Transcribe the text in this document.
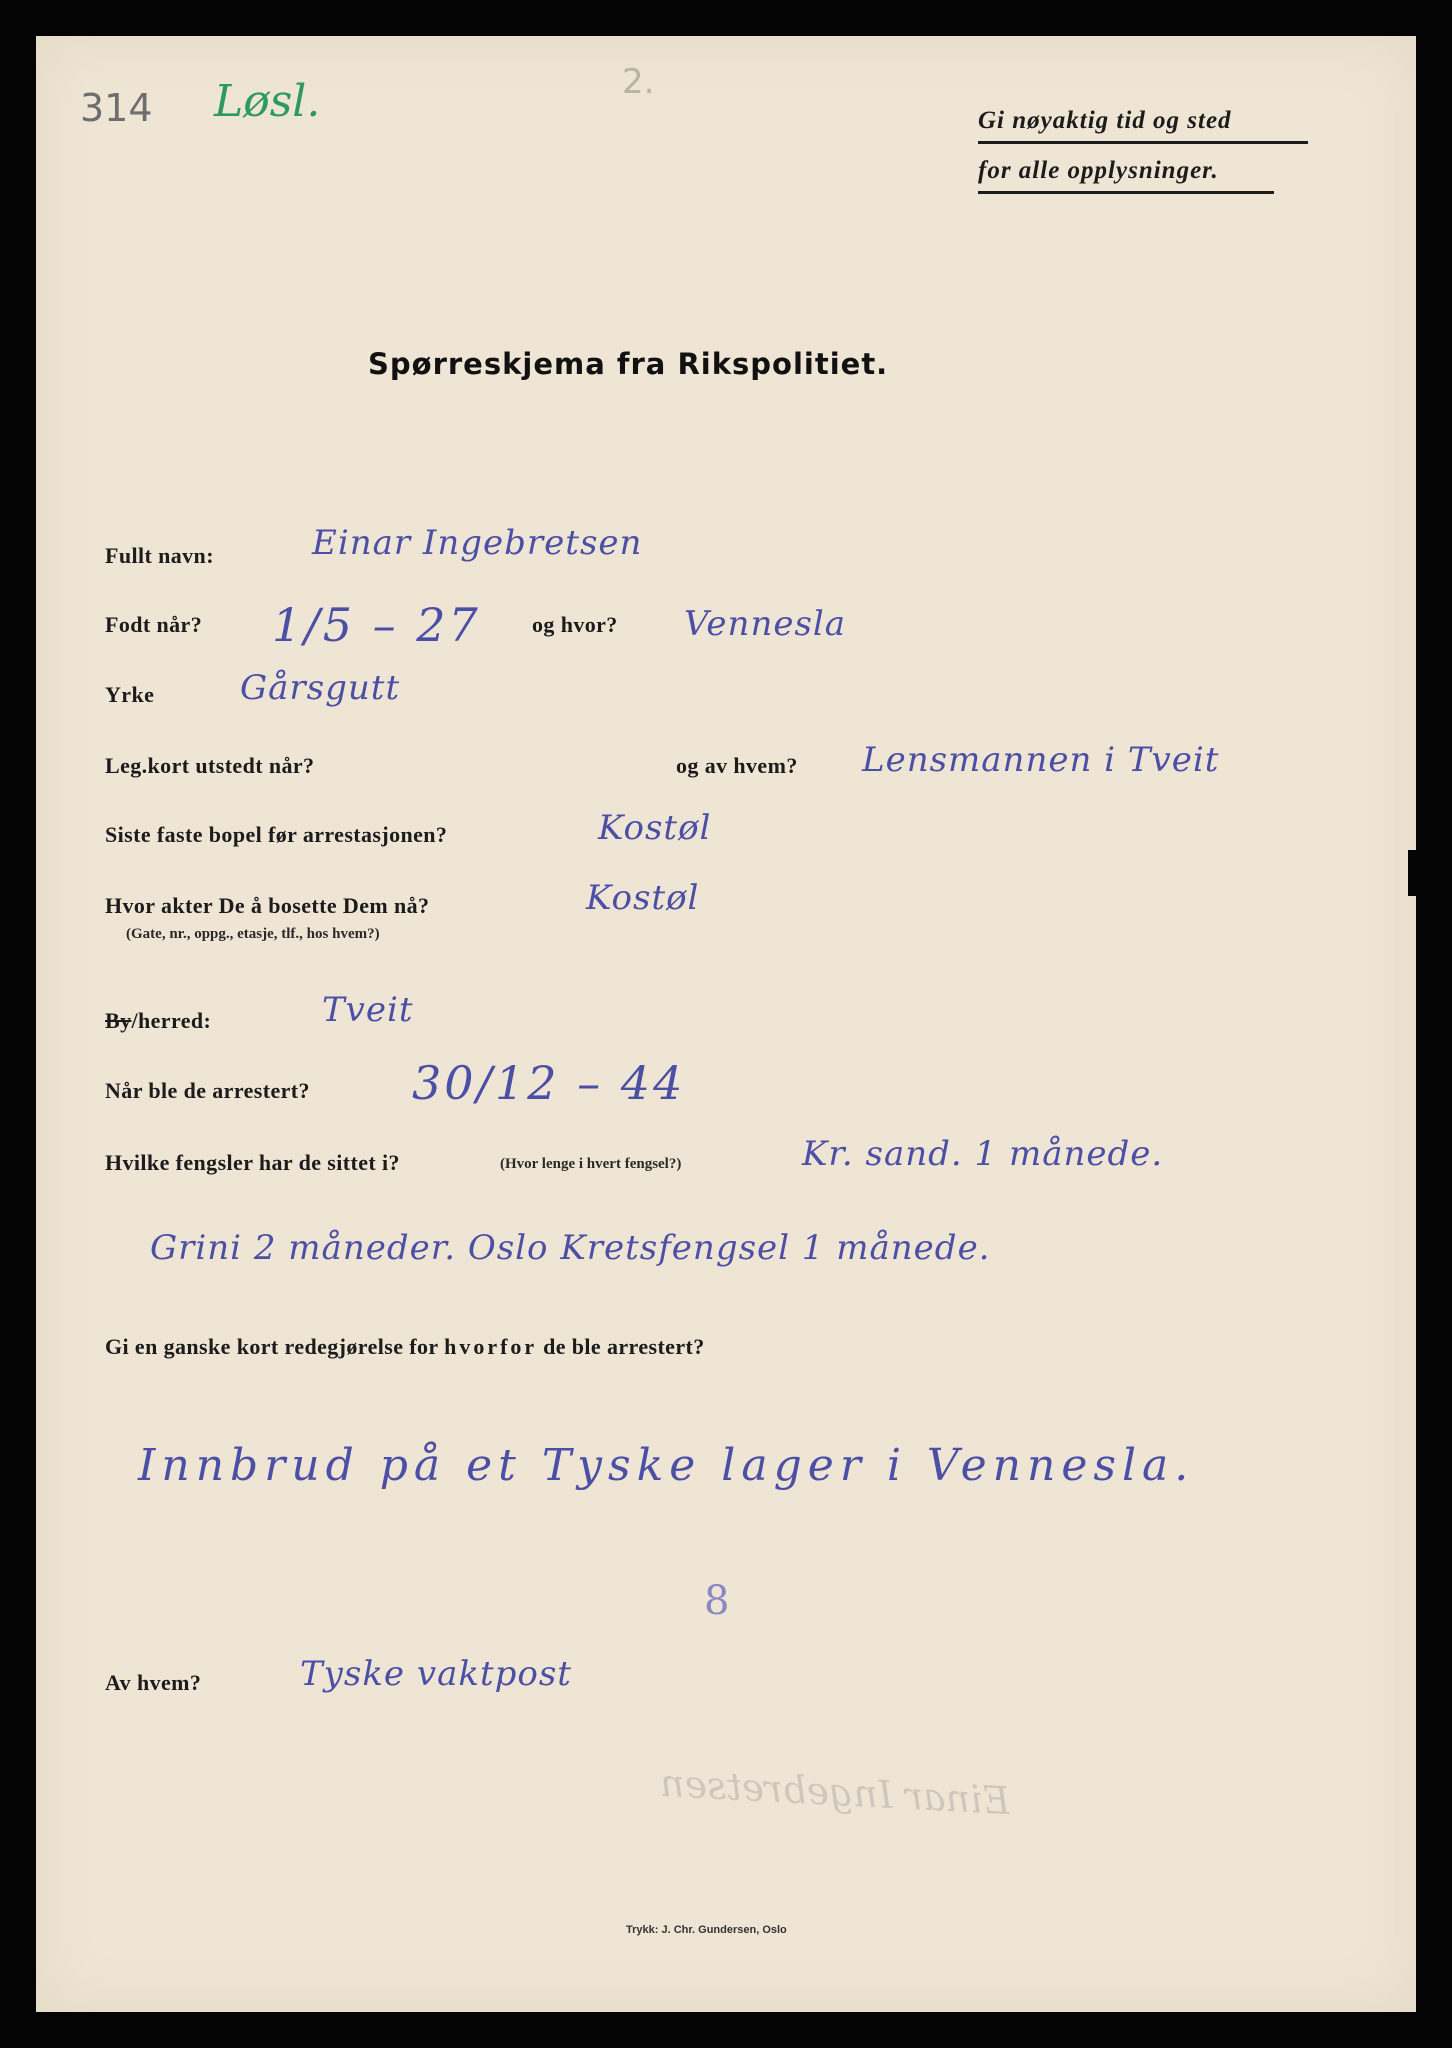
314 Løsl.	2.
Gi nøyaktig tid og sted
for alle opplysninger.
Spørreskjema fra Rikspolitiet.
Fullt navn:	Einar Ingebretsen
Fodt når? 1/5 – 27 og hvor? Vennesla
Yrke	Gårsgutt
Leg.kort utstedt når?	og av hvem? Lensmannen i Tveit
Siste faste bopel før arrestasjonen?	Kostøl
Hvor akter De å bosette Dem nå?
(Gate, nr., oppg., etasje, tlf., hos hvem?)
Kostøl
By/herred:	Tveit
Når ble de arrestert? 30/12 – 44
Hvilke fengsler har de sittet i?	(Hvor lenge i hvert fengsel?)	Kr. sand. 1 månede.
Grini 2 måneder. Oslo Kretsfengsel 1 månede.
Gi en ganske kort redegjørelse for hvorfor de ble arrestert?
Innbrud på et Tyske lager i Vennesla.
8
Av hvem?	Tyske vaktpost
Einar Ingebretsen
Trykk: J. Chr. Gundersen, Oslo
